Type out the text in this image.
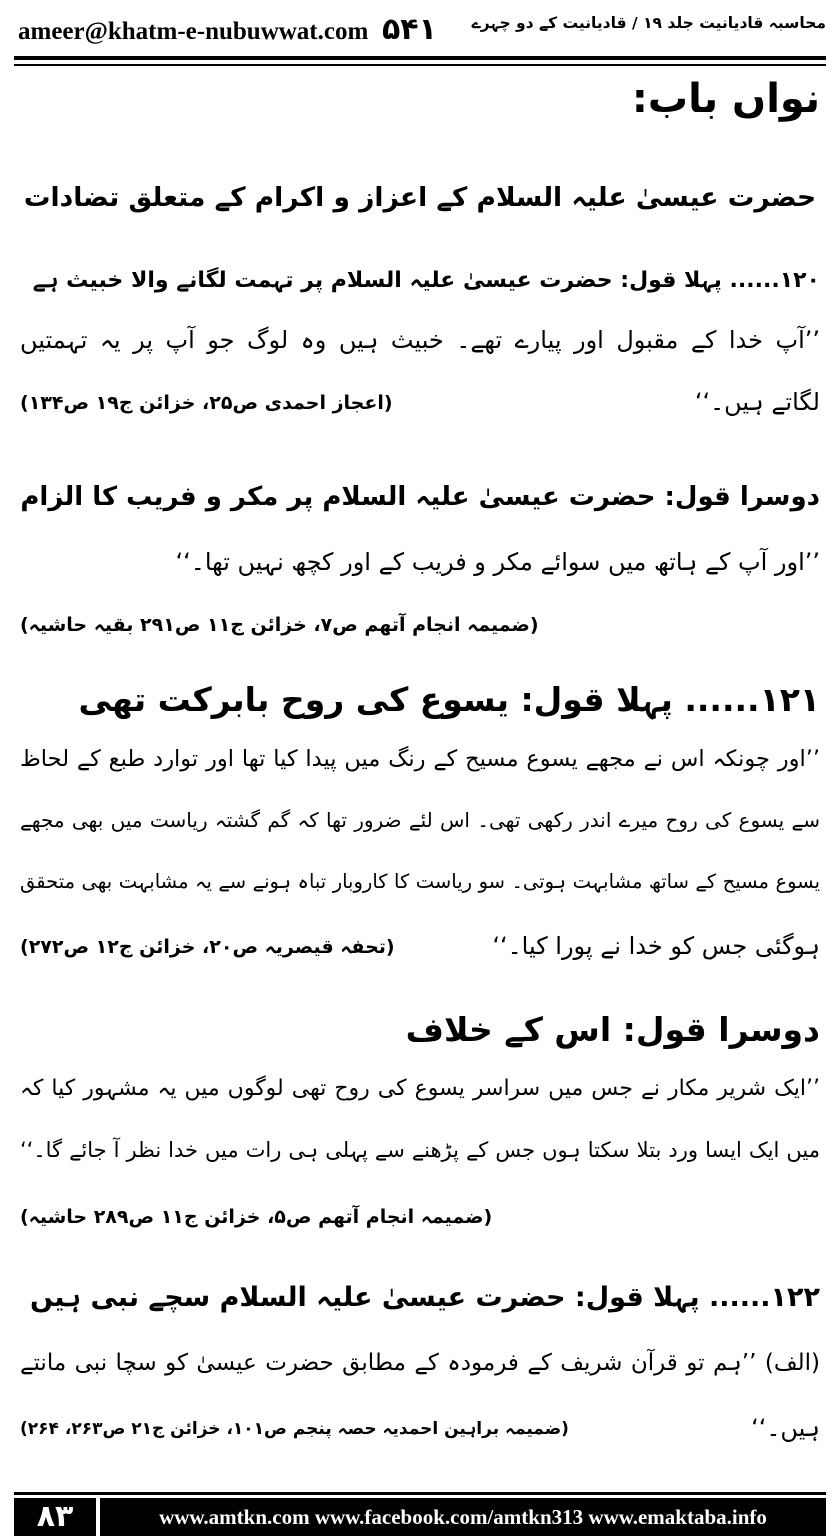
ameer@khatm-e-nubuwwat.com ۵۴۱	محاسبہ قادیانیت جلد ۱۹ / قادیانیت کے دو چہرے
نواں باب:
حضرت عیسیٰ علیہ السلام کے اعزاز و اکرام کے متعلق تضادات
۱۲۰...... پہلا قول: حضرت عیسیٰ علیہ السلام پر تہمت لگانے والا خبیث ہے
’’آپ خدا کے مقبول اور پیارے تھے۔ خبیث ہیں وہ لوگ جو آپ پر یہ تہمتیں
لگاتے ہیں۔‘‘
(اعجاز احمدی ص۲۵، خزائن ج۱۹ ص۱۳۴)
دوسرا قول: حضرت عیسیٰ علیہ السلام پر مکر و فریب کا الزام
’’اور آپ کے ہاتھ میں سوائے مکر و فریب کے اور کچھ نہیں تھا۔‘‘
(ضمیمہ انجام آتھم ص۷، خزائن ج۱۱ ص۲۹۱ بقیہ حاشیہ)
۱۲۱...... پہلا قول: یسوع کی روح بابرکت تھی
’’اور چونکہ اس نے مجھے یسوع مسیح کے رنگ میں پیدا کیا تھا اور توارد طبع کے لحاظ
سے یسوع کی روح میرے اندر رکھی تھی۔ اس لئے ضرور تھا کہ گم گشتہ ریاست میں بھی مجھے
یسوع مسیح کے ساتھ مشابہت ہوتی۔ سو ریاست کا کاروبار تباہ ہونے سے یہ مشابہت بھی متحقق
ہوگئی جس کو خدا نے پورا کیا۔‘‘
(تحفہ قیصریہ ص۲۰، خزائن ج۱۲ ص۲۷۲)
دوسرا قول: اس کے خلاف
’’ایک شریر مکار نے جس میں سراسر یسوع کی روح تھی لوگوں میں یہ مشہور کیا کہ
میں ایک ایسا ورد بتلا سکتا ہوں جس کے پڑھنے سے پہلی ہی رات میں خدا نظر آ جائے گا۔‘‘
(ضمیمہ انجام آتھم ص۵، خزائن ج۱۱ ص۲۸۹ حاشیہ)
۱۲۲...... پہلا قول: حضرت عیسیٰ علیہ السلام سچے نبی ہیں
(الف) ’’ہم تو قرآن شریف کے فرمودہ کے مطابق حضرت عیسیٰ کو سچا نبی مانتے
ہیں۔‘‘
(ضمیمہ براہین احمدیہ حصہ پنجم ص۱۰۱، خزائن ج۲۱ ص۲۶۳، ۲۶۴)
۸۳	www.amtkn.com www.facebook.com/amtkn313 www.emaktaba.info
